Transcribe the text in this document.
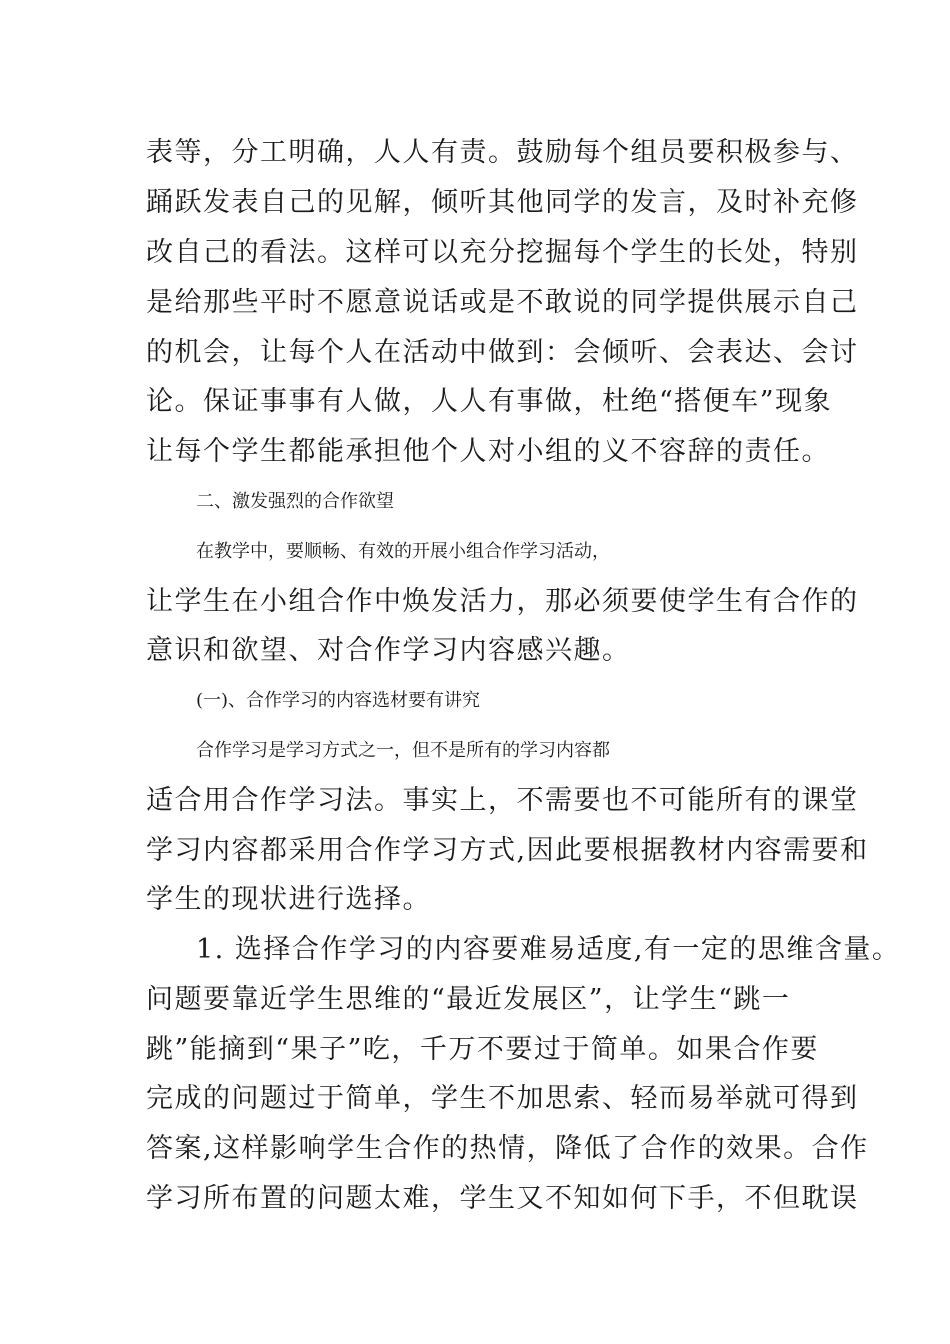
表等，分工明确，人人有责。鼓励每个组员要积极参与、
踊跃发表自己的见解，倾听其他同学的发言，及时补充修
改自己的看法。这样可以充分挖掘每个学生的长处，特别
是给那些平时不愿意说话或是不敢说的同学提供展示自己
的机会，让每个人在活动中做到：会倾听、会表达、会讨
论。保证事事有人做，人人有事做，杜绝“搭便车”现象
让每个学生都能承担他个人对小组的义不容辞的责任。
二、激发强烈的合作欲望
在教学中，要顺畅、有效的开展小组合作学习活动，
让学生在小组合作中焕发活力，那必须要使学生有合作的
意识和欲望、对合作学习内容感兴趣。
(一)、合作学习的内容选材要有讲究
合作学习是学习方式之一，但不是所有的学习内容都
适合用合作学习法。事实上，不需要也不可能所有的课堂
学习内容都采用合作学习方式,因此要根据教材内容需要和
学生的现状进行选择。
1. 选择合作学习的内容要难易适度,有一定的思维含量。
问题要靠近学生思维的“最近发展区”，让学生“跳一
跳”能摘到“果子”吃，千万不要过于简单。如果合作要
完成的问题过于简单，学生不加思索、轻而易举就可得到
答案,这样影响学生合作的热情，降低了合作的效果。合作
学习所布置的问题太难，学生又不知如何下手，不但耽误
